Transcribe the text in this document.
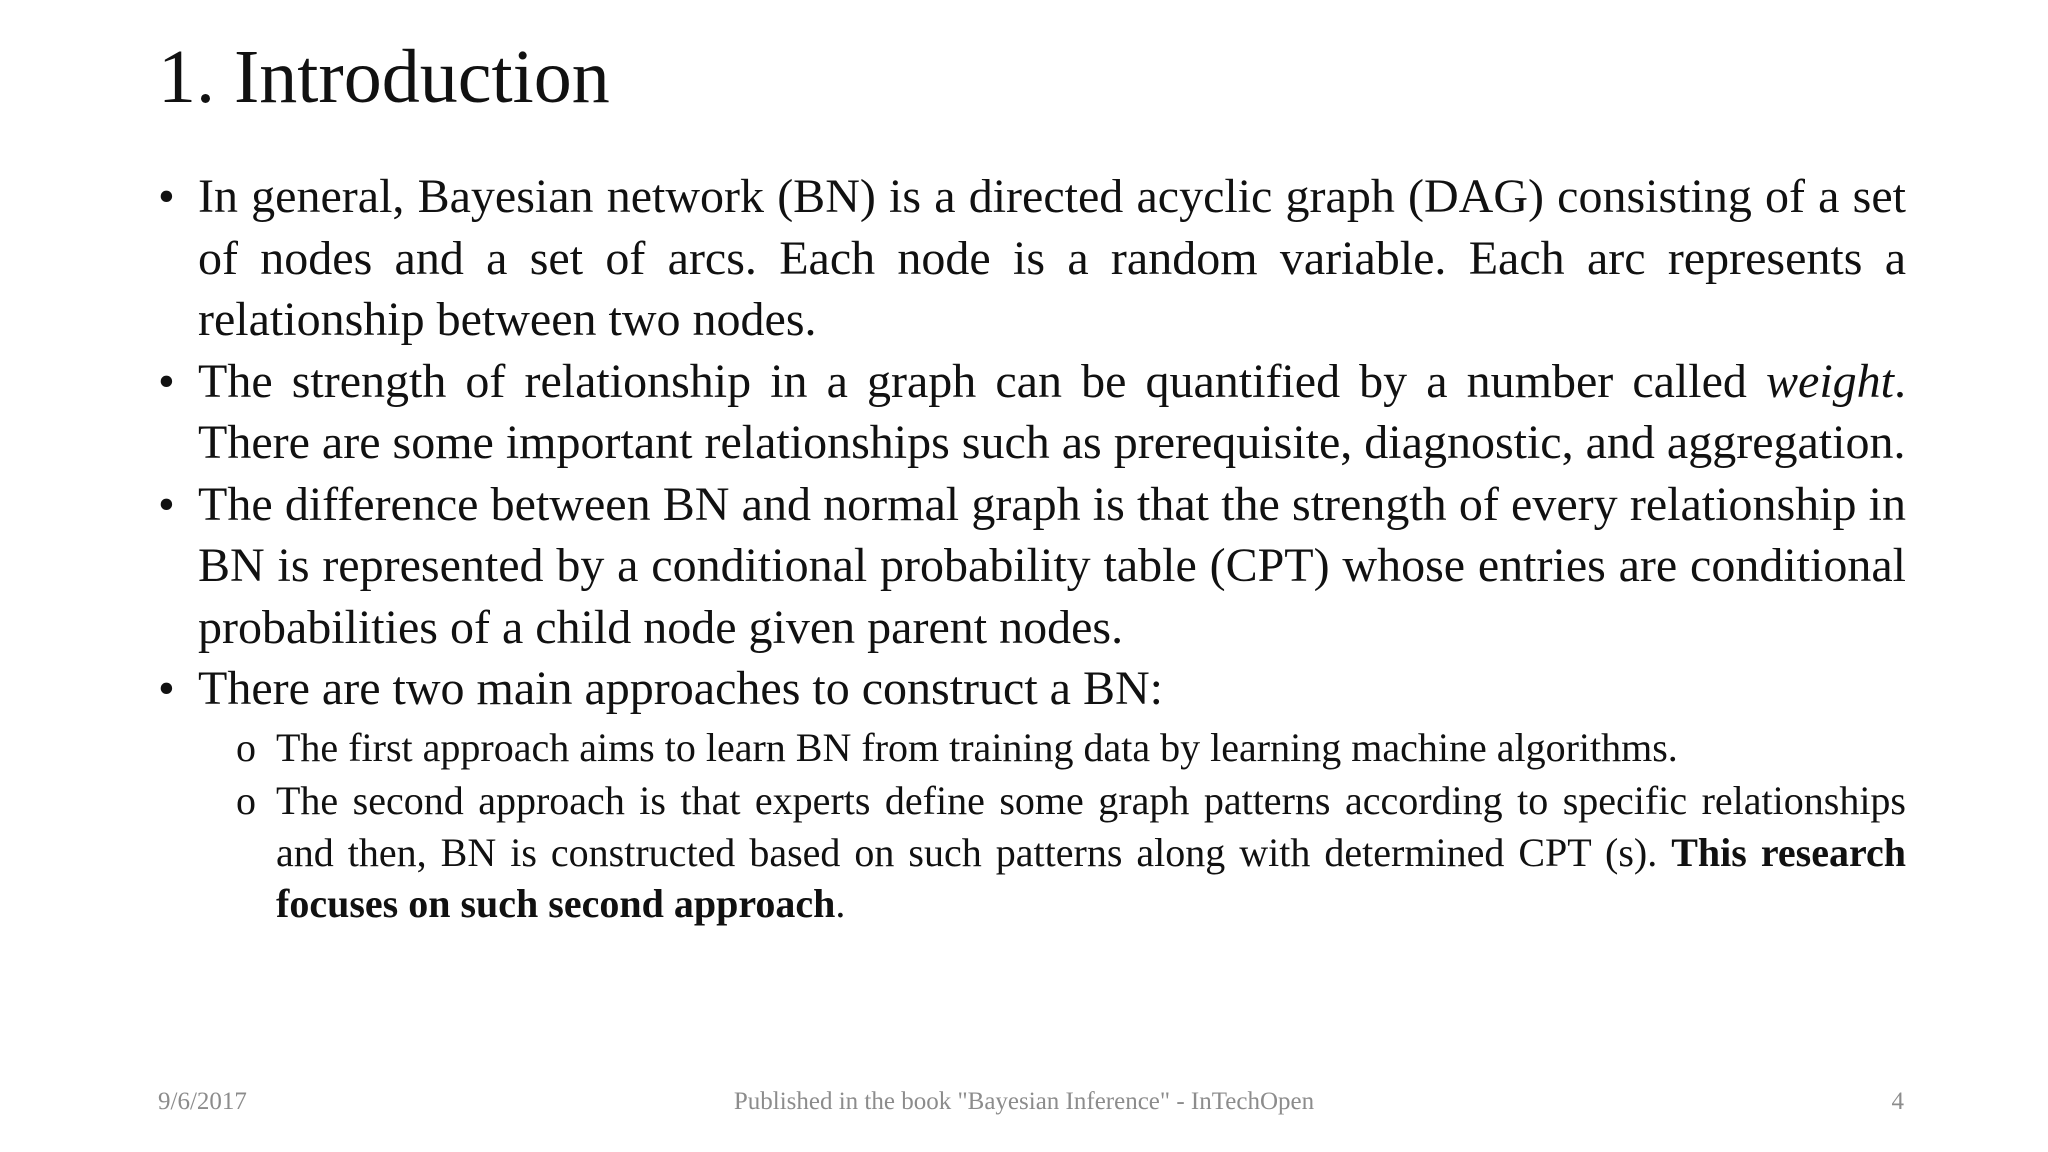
1. Introduction
• In general, Bayesian network (BN) is a directed acyclic graph (DAG) consisting of a set of nodes and a set of arcs. Each node is a random variable. Each arc represents a relationship between two nodes.
• The strength of relationship in a graph can be quantified by a number called weight. There are some important relationships such as prerequisite, diagnostic, and aggregation.
• The difference between BN and normal graph is that the strength of every relationship in BN is represented by a conditional probability table (CPT) whose entries are conditional probabilities of a child node given parent nodes.
• There are two main approaches to construct a BN:
o The first approach aims to learn BN from training data by learning machine algorithms.
o The second approach is that experts define some graph patterns according to specific relationships and then, BN is constructed based on such patterns along with determined CPT (s). This research focuses on such second approach.
9/6/2017	Published in the book "Bayesian Inference" - InTechOpen	4
